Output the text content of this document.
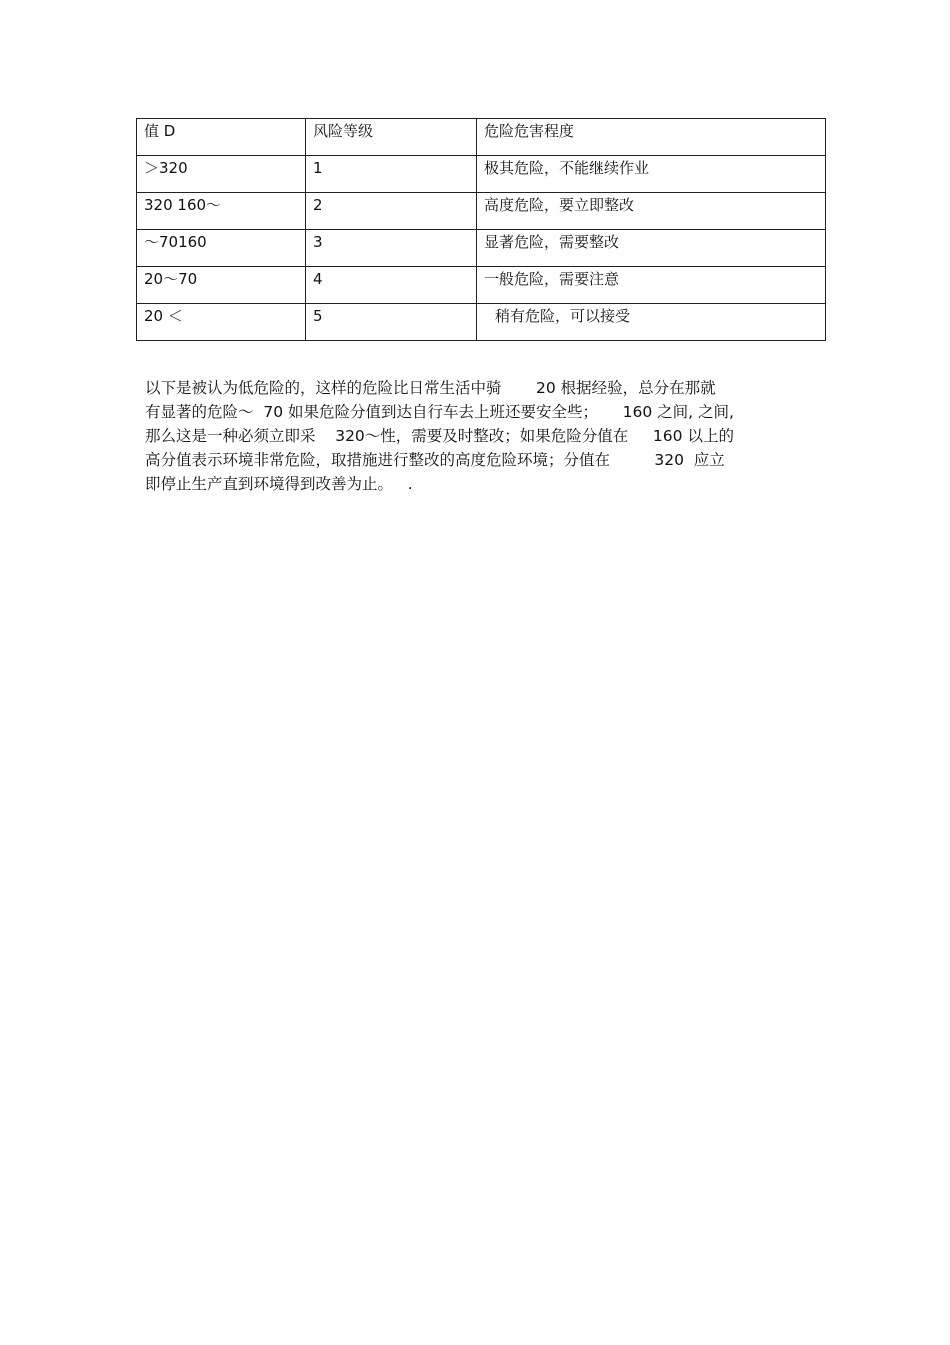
值 D	风险等级	危险危害程度
＞320	1	极其危险，不能继续作业
320 160～	2	高度危险，要立即整改
～70160	3	显著危险，需要整改
20～70	4	一般危险，需要注意
20 ＜	5	稍有危险，可以接受
以下是被认为低危险的，这样的危险比日常生活中骑       20 根据经验，总分在那就
有显著的危险～  70 如果危险分值到达自行车去上班还要安全些；     160 之间, 之间,
那么这是一种必须立即采    320～性，需要及时整改；如果危险分值在     160 以上的
高分值表示环境非常危险，取措施进行整改的高度危险环境；分值在         320  应立
即停止生产直到环境得到改善为止。   .
